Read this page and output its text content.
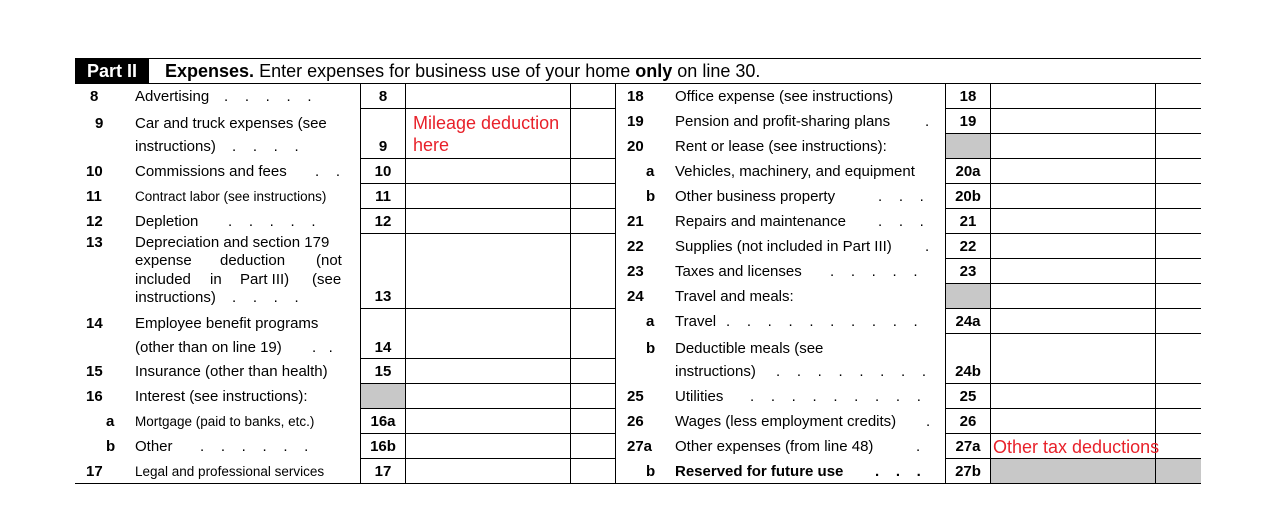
Part II	Expenses. Enter expenses for business use of your home only on line 30.
8 Advertising .    .    .    .    .	8
9 Car and truck expenses (see
instructions) .    .    .    .	9
Mileage deduction
here
10 Commissions and fees .    .	10
11 Contract labor (see instructions)	11
12 Depletion .    .    .    .    .	12
13 Depreciation and section 179
expense deduction (not
included in Part III) (see
instructions) .    .    .    .	13
14 Employee benefit programs
(other than on line 19) .   .	14
15 Insurance (other than health)	15
16 Interest (see instructions):
a Mortgage (paid to banks, etc.)	16a
b Other .    .    .    .    .    .	16b
17 Legal and professional services	17
18 Office expense (see instructions)	18
19 Pension and profit-sharing plans .	19
20 Rent or lease (see instructions):
a Vehicles, machinery, and equipment	20a
b Other business property	.    .    .	20b
21 Repairs and maintenance .    .    .	21
22 Supplies (not included in Part III) .	22
23 Taxes and licenses .    .    .    .    .	23
24 Travel and meals:
a Travel .    .    .    .    .    .    .    .    .    .	24a
b Deductible meals (see
instructions) .    .    .    .    .    .    .    .	24b
25 Utilities .    .    .    .    .    .    .    .    .	25
26 Wages (less employment credits) .	26
27a Other expenses (from line 48)	.	27a Other tax deductions
b Reserved for future use .    .    .	27b
